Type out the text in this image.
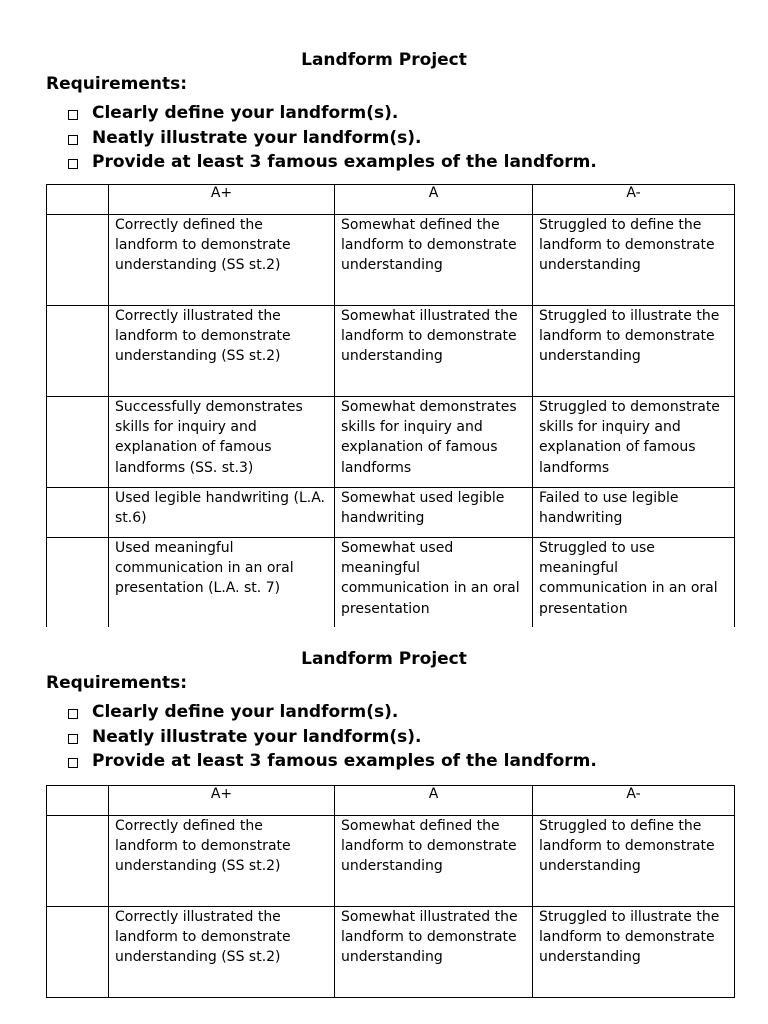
Landform Project
Requirements:
Clearly define your landform(s).
Neatly illustrate your landform(s).
Provide at least 3 famous examples of the landform.
	A+	A	A-
	Correctly defined the landform to demonstrate understanding (SS st.2)	Somewhat defined the landform to demonstrate understanding	Struggled to define the landform to demonstrate understanding
	Correctly illustrated the landform to demonstrate understanding (SS st.2)	Somewhat illustrated the landform to demonstrate understanding	Struggled to illustrate the landform to demonstrate understanding
	Successfully demonstrates skills for inquiry and explanation of famous landforms (SS. st.3)	Somewhat demonstrates skills for inquiry and explanation of famous landforms	Struggled to demonstrate skills for inquiry and explanation of famous landforms
	Used legible handwriting (L.A. st.6)	Somewhat used legible handwriting	Failed to use legible handwriting
	Used meaningful communication in an oral presentation (L.A. st. 7)	Somewhat used meaningful communication in an oral presentation	Struggled to use meaningful communication in an oral presentation
Landform Project
Requirements:
Clearly define your landform(s).
Neatly illustrate your landform(s).
Provide at least 3 famous examples of the landform.
	A+	A	A-
	Correctly defined the landform to demonstrate understanding (SS st.2)	Somewhat defined the landform to demonstrate understanding	Struggled to define the landform to demonstrate understanding
	Correctly illustrated the landform to demonstrate understanding (SS st.2)	Somewhat illustrated the landform to demonstrate understanding	Struggled to illustrate the landform to demonstrate understanding
